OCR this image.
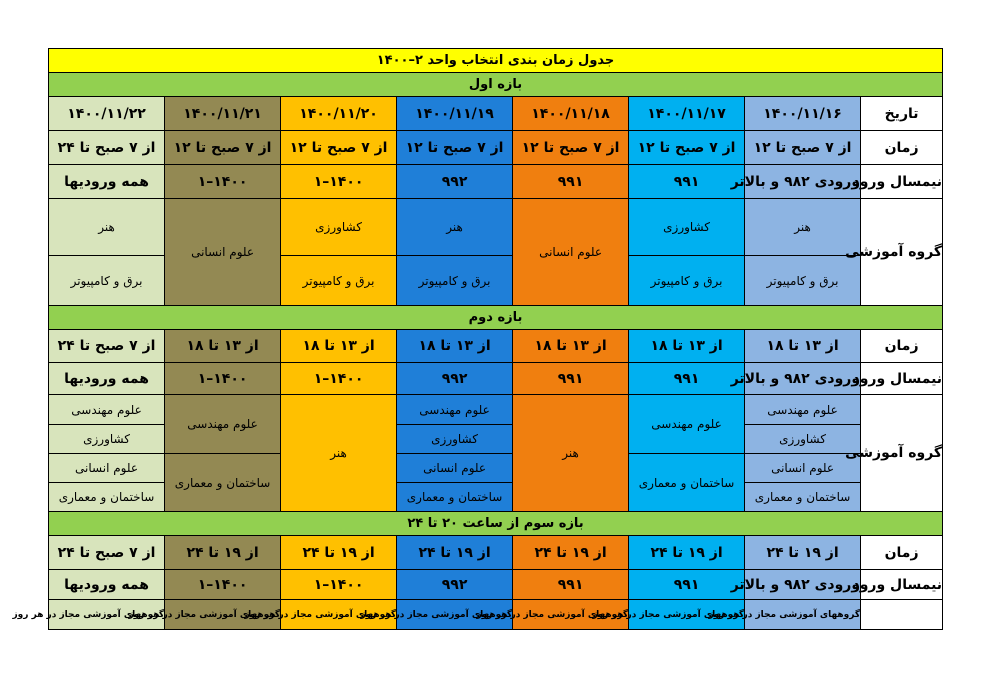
جدول زمان بندی انتخاب واحد ۲–۱۴۰۰							
بازه اول							
تاریخ	۱۴۰۰/۱۱/۱۶	۱۴۰۰/۱۱/۱۷	۱۴۰۰/۱۱/۱۸	۱۴۰۰/۱۱/۱۹	۱۴۰۰/۱۱/۲۰	۱۴۰۰/۱۱/۲۱	۱۴۰۰/۱۱/۲۲
زمان	از ۷ صبح تا ۱۲	از ۷ صبح تا ۱۲	از ۷ صبح تا ۱۲	از ۷ صبح تا ۱۲	از ۷ صبح تا ۱۲	از ۷ صبح تا ۱۲	از ۷ صبح تا ۲۴
نیمسال ورود	ورودی ۹۸۲ و بالاتر	۹۹۱	۹۹۱	۹۹۲	۱۴۰۰–۱	۱۴۰۰–۱	همه ورودیها
گروه آموزشی	هنر	کشاورزی	علوم انسانی	هنر	کشاورزی	علوم انسانی	هنر
	برق و کامپیوتر	برق و کامپیوتر		برق و کامپیوتر	برق و کامپیوتر		برق و کامپیوتر
بازه دوم							
زمان	از ۱۳ تا ۱۸	از ۱۳ تا ۱۸	از ۱۳ تا ۱۸	از ۱۳ تا ۱۸	از ۱۳ تا ۱۸	از ۱۳ تا ۱۸	از ۷ صبح تا ۲۴
نیمسال ورود	ورودی ۹۸۲ و بالاتر	۹۹۱	۹۹۱	۹۹۲	۱۴۰۰–۱	۱۴۰۰–۱	همه ورودیها
گروه آموزشی	علوم مهندسی	علوم مهندسی	هنر	علوم مهندسی	هنر	علوم مهندسی	علوم مهندسی
	کشاورزی			کشاورزی			کشاورزی
	علوم انسانی	ساختمان و معماری		علوم انسانی		ساختمان و معماری	علوم انسانی
	ساختمان و معماری			ساختمان و معماری			ساختمان و معماری
بازه سوم از ساعت ۲۰ تا ۲۴							
زمان	از ۱۹ تا ۲۴	از ۱۹ تا ۲۴	از ۱۹ تا ۲۴	از ۱۹ تا ۲۴	از ۱۹ تا ۲۴	از ۱۹ تا ۲۴	از ۷ صبح تا ۲۴
نیمسال ورود	ورودی ۹۸۲ و بالاتر	۹۹۱	۹۹۱	۹۹۲	۱۴۰۰–۱	۱۴۰۰–۱	همه ورودیها
	گروههای آموزشی مجاز در هر روز	گروههای آموزشی مجاز در هر روز	گروههای آموزشی مجاز در هر روز	گروههای آموزشی مجاز در هر روز	گروههای آموزشی مجاز در هر روز	گروههای آموزشی مجاز در هر روز	گروههای آموزشی مجاز در هر روز
